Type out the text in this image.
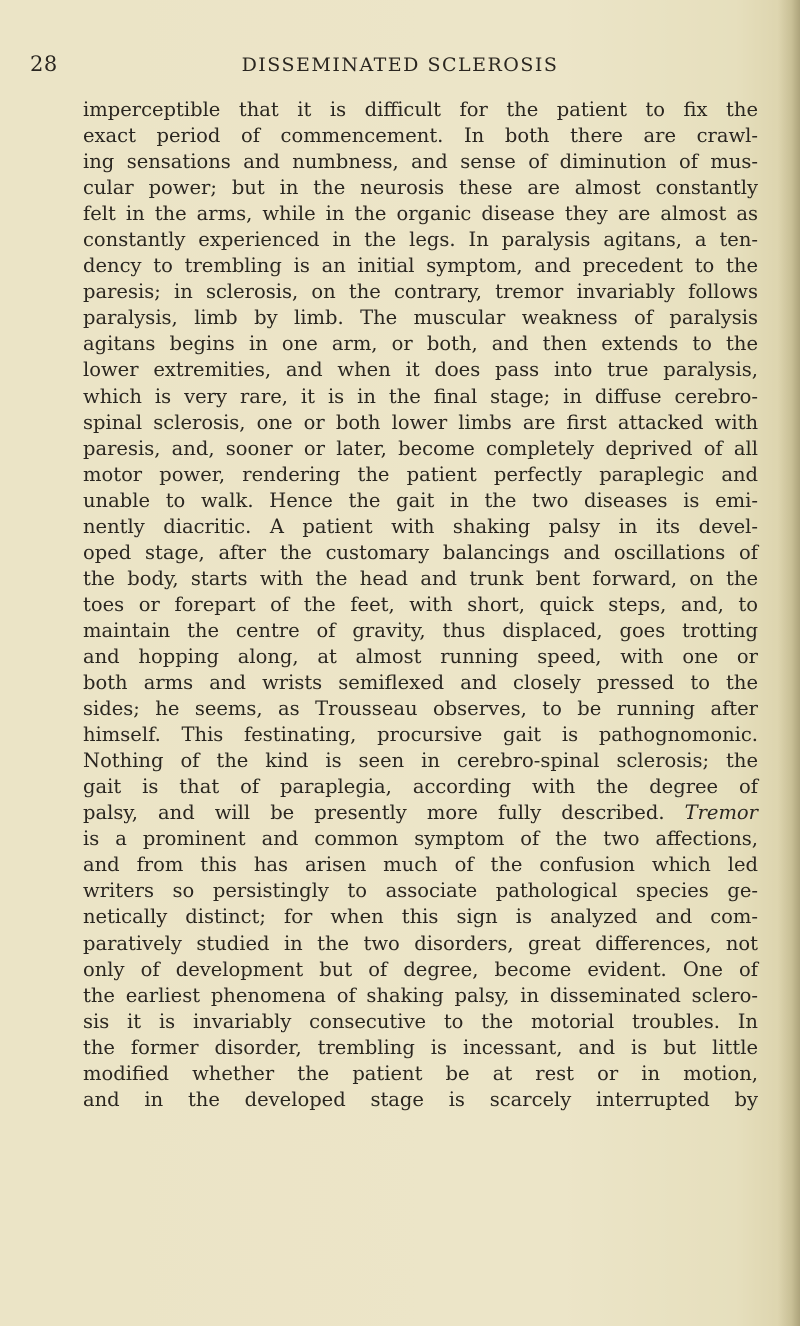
28	DISSEMINATED SCLEROSIS
imperceptible that it is difficult for the patient to fix the
exact period of commencement. In both there are crawl-
ing sensations and numbness, and sense of diminution of mus-
cular power; but in the neurosis these are almost constantly
felt in the arms, while in the organic disease they are almost as
constantly experienced in the legs. In paralysis agitans, a ten-
dency to trembling is an initial symptom, and precedent to the
paresis; in sclerosis, on the contrary, tremor invariably follows
paralysis, limb by limb. The muscular weakness of paralysis
agitans begins in one arm, or both, and then extends to the
lower extremities, and when it does pass into true paralysis,
which is very rare, it is in the final stage; in diffuse cerebro-
spinal sclerosis, one or both lower limbs are first attacked with
paresis, and, sooner or later, become completely deprived of all
motor power, rendering the patient perfectly paraplegic and
unable to walk. Hence the gait in the two diseases is emi-
nently diacritic. A patient with shaking palsy in its devel-
oped stage, after the customary balancings and oscillations of
the body, starts with the head and trunk bent forward, on the
toes or forepart of the feet, with short, quick steps, and, to
maintain the centre of gravity, thus displaced, goes trotting
and hopping along, at almost running speed, with one or
both arms and wrists semiflexed and closely pressed to the
sides; he seems, as Trousseau observes, to be running after
himself. This festinating, procursive gait is pathognomonic.
Nothing of the kind is seen in cerebro-spinal sclerosis; the
gait is that of paraplegia, according with the degree of
palsy, and will be presently more fully described. Tremor
is a prominent and common symptom of the two affections,
and from this has arisen much of the confusion which led
writers so persistingly to associate pathological species ge-
netically distinct; for when this sign is analyzed and com-
paratively studied in the two disorders, great differences, not
only of development but of degree, become evident. One of
the earliest phenomena of shaking palsy, in disseminated sclero-
sis it is invariably consecutive to the motorial troubles. In
the former disorder, trembling is incessant, and is but little
modified whether the patient be at rest or in motion,
and in the developed stage is scarcely interrupted by
